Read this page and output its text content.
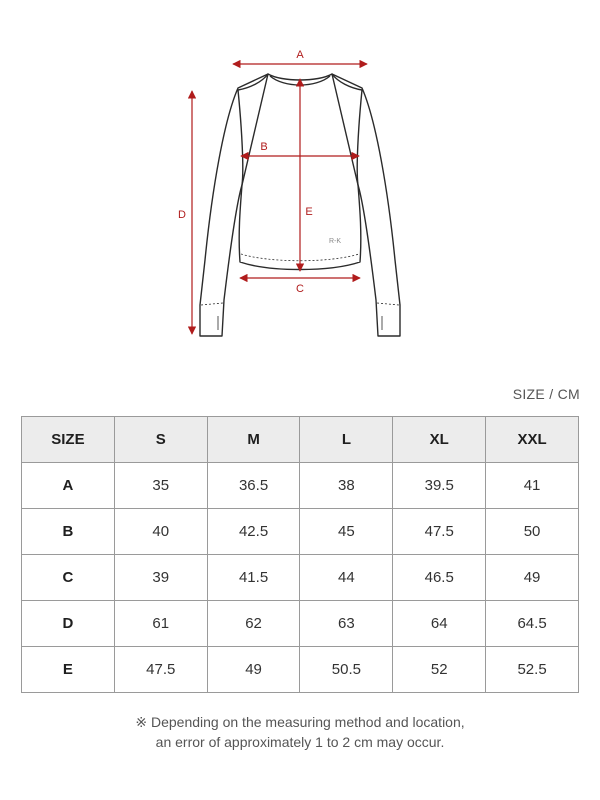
R-K
A
B
C
D	E
SIZE / CM
SIZE	S	M	L	XL	XXL
A	35	36.5	38	39.5	41
B	40	42.5	45	47.5	50
C	39	41.5	44	46.5	49
D	61	62	63	64	64.5
E	47.5	49	50.5	52	52.5
※ Depending on the measuring method and location,
an error of approximately 1 to 2 cm may occur.
